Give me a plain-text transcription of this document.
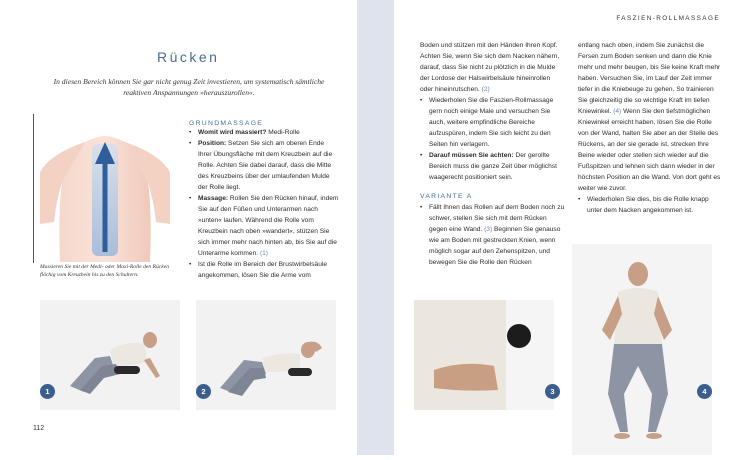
Rücken
In diesen Bereich können Sie gar nicht genug Zeit investieren, um systematisch sämtliche reaktiven Anspannungen »herauszurollen«.
Massieren Sie mit der Medi- oder Maxi-Rolle den Rücken flächig vom Kreuzbein bis zu den Schultern.
GRUNDMASSAGE
• Womit wird massiert? Medi-Rolle
• Position: Setzen Sie sich am oberen Ende Ihrer Übungsfläche mit dem Kreuzbein auf die Rolle. Achten Sie dabei darauf, dass die Mitte des Kreuzbeins über der umlaufenden Mulde der Rolle liegt.
• Massage: Rollen Sie den Rücken hinauf, indem Sie auf den Füßen und Unterarmen nach »unten« laufen. Während die Rolle vom Kreuzbein nach oben »wandert«, stützen Sie sich immer mehr nach hinten ab, bis Sie auf die Unterarme kommen. (1)
• Ist die Rolle im Bereich der Brustwirbelsäule angekommen, lösen Sie die Arme vom
1	2
112
FASZIEN-ROLLMASSAGE

Boden und stützen mit den Händen Ihren Kopf. Achten Sie, wenn Sie sich dem Nacken nähern, darauf, dass Sie nicht zu plötzlich in die Mulde der Lordose der Halswirbelsäule hineinrollen oder hineinrutschen. (2)

• Wiederholen Sie die Faszien-Rollmassage gern noch einige Male und versuchen Sie auch, weitere empfindliche Bereiche aufzuspüren, indem Sie sich leicht zu den Seiten hin verlagern.
• Darauf müssen Sie achten: Der gerollte Bereich muss die ganze Zeit über möglichst waagerecht positioniert sein.
VARIANTE A
• Fällt Ihnen das Rollen auf dem Boden noch zu schwer, stellen Sie sich mit dem Rücken gegen eine Wand. (3) Beginnen Sie genauso wie am Boden mit gestreckten Knien, wenn möglich sogar auf den Zehenspitzen, und bewegen Sie die Rolle den Rücken

entlang nach oben, indem Sie zunächst die Fersen zum Boden senken und dann die Knie mehr und mehr beugen, bis Sie keine Kraft mehr haben. Versuchen Sie, im Lauf der Zeit immer tiefer in die Kniebeuge zu gehen. So trainieren Sie gleichzeitig die so wichtige Kraft im tiefen Kniewinkel. (4) Wenn Sie den tiefstmöglichen Kniewinkel erreicht haben, lösen Sie die Rolle von der Wand, halten Sie aber an der Stelle des Rückens, an der sie gerade ist, strecken Ihre Beine wieder oder stellen sich wieder auf die Fußspitzen und lehnen sich dann wieder in der höchsten Position an die Wand. Von dort geht es weiter wie zuvor.

• Wiederholen Sie dies, bis die Rolle knapp unter dem Nacken angekommen ist.
3	4
